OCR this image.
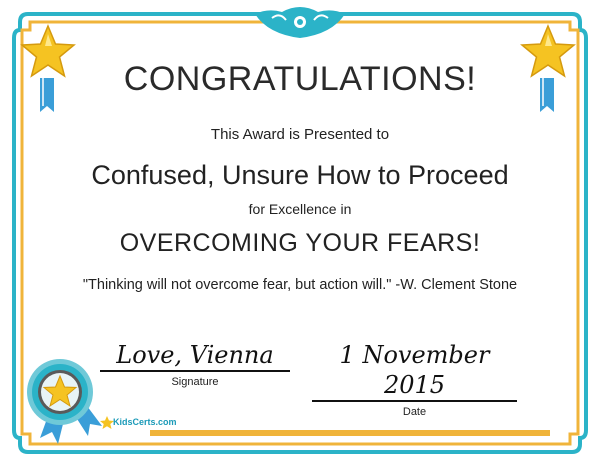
CONGRATULATIONS!
This Award is Presented to
Confused, Unsure How to Proceed
for Excellence in
OVERCOMING YOUR FEARS!
"Thinking will not overcome fear, but action will." -W. Clement Stone
Love, Vienna
Signature
1 November 2015
Date
KidsCerts.com
